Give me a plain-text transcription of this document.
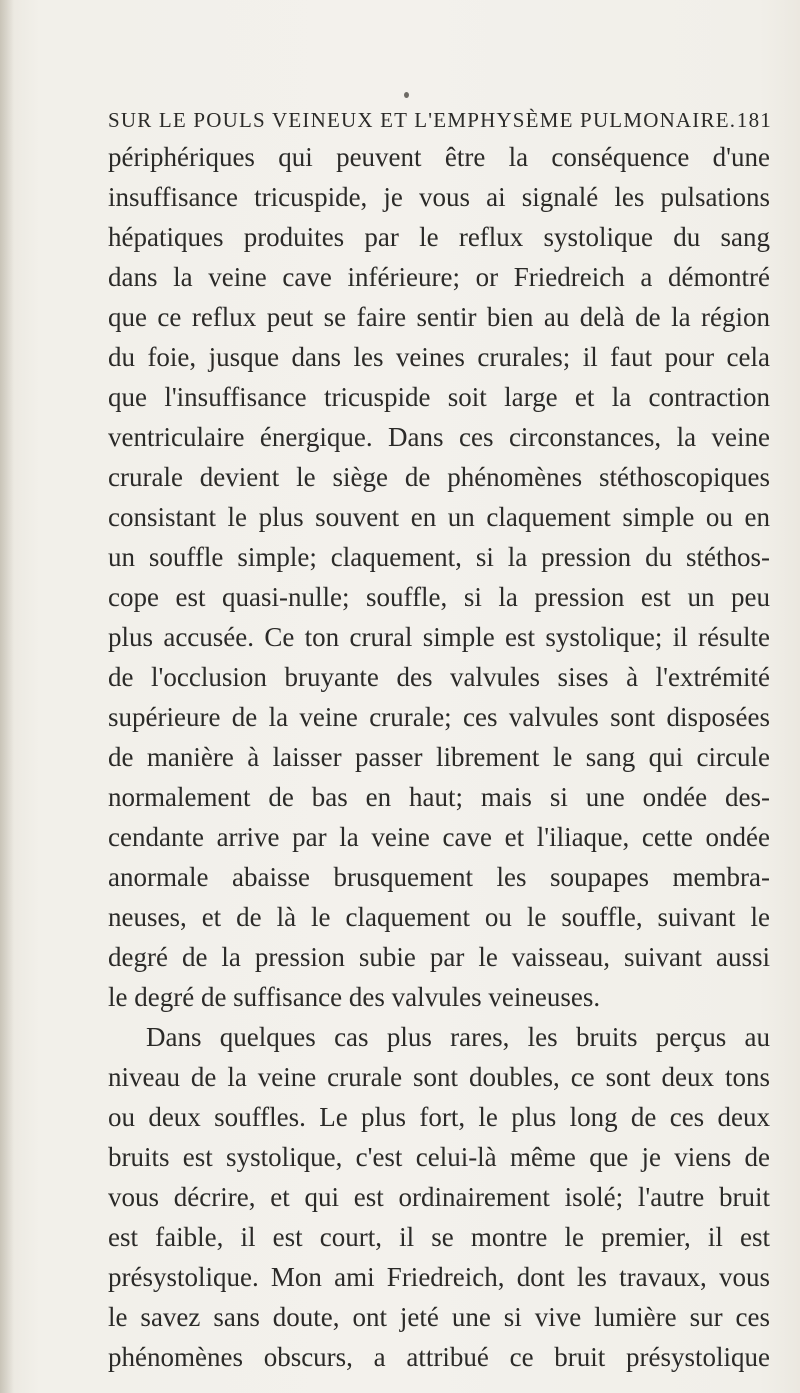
SUR LE POULS VEINEUX ET L'EMPHYSÈME PULMONAIRE. 181
périphériques qui peuvent être la conséquence d'une
insuffisance tricuspide, je vous ai signalé les pulsations
hépatiques produites par le reflux systolique du sang
dans la veine cave inférieure; or Friedreich a démontré
que ce reflux peut se faire sentir bien au delà de la région
du foie, jusque dans les veines crurales; il faut pour cela
que l'insuffisance tricuspide soit large et la contraction
ventriculaire énergique. Dans ces circonstances, la veine
crurale devient le siège de phénomènes stéthoscopiques
consistant le plus souvent en un claquement simple ou en
un souffle simple; claquement, si la pression du stéthos-
cope est quasi-nulle; souffle, si la pression est un peu
plus accusée. Ce ton crural simple est systolique; il résulte
de l'occlusion bruyante des valvules sises à l'extrémité
supérieure de la veine crurale; ces valvules sont disposées
de manière à laisser passer librement le sang qui circule
normalement de bas en haut; mais si une ondée des-
cendante arrive par la veine cave et l'iliaque, cette ondée
anormale abaisse brusquement les soupapes membra-
neuses, et de là le claquement ou le souffle, suivant le
degré de la pression subie par le vaisseau, suivant aussi
le degré de suffisance des valvules veineuses.
Dans quelques cas plus rares, les bruits perçus au
niveau de la veine crurale sont doubles, ce sont deux tons
ou deux souffles. Le plus fort, le plus long de ces deux
bruits est systolique, c'est celui-là même que je viens de
vous décrire, et qui est ordinairement isolé; l'autre bruit
est faible, il est court, il se montre le premier, il est
présystolique. Mon ami Friedreich, dont les travaux, vous
le savez sans doute, ont jeté une si vive lumière sur ces
phénomènes obscurs, a attribué ce bruit présystolique
